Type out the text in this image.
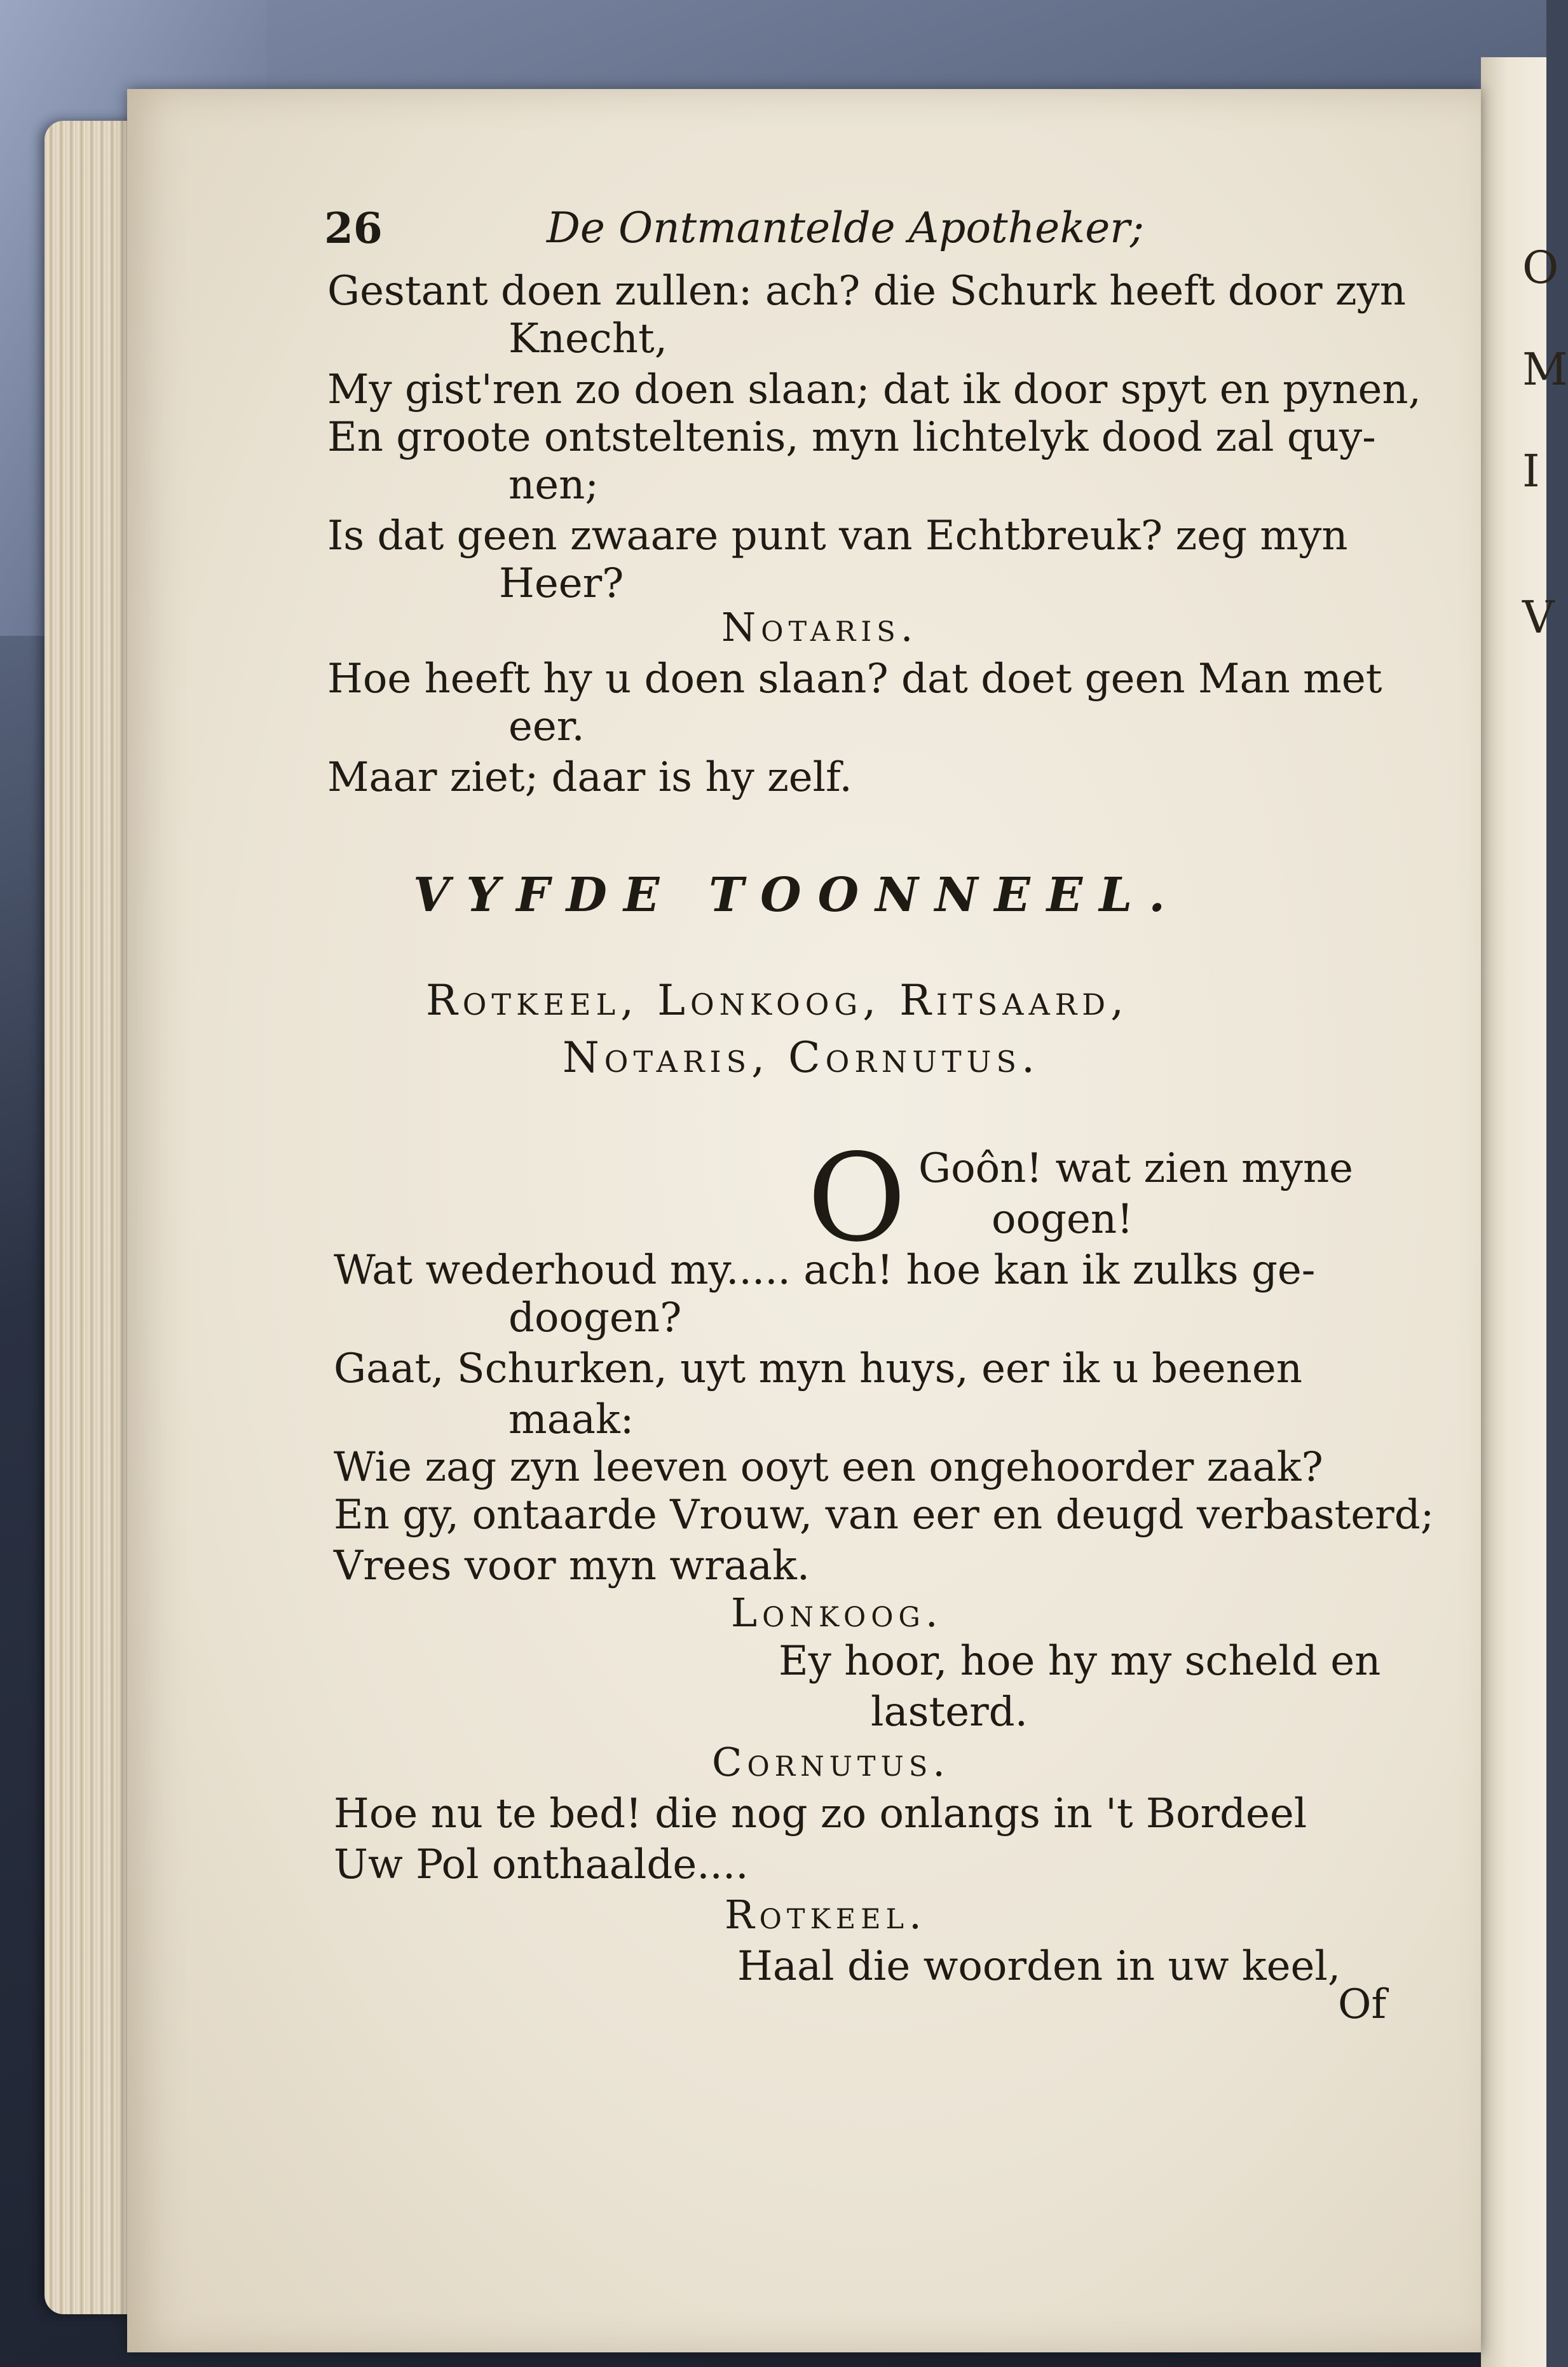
O
M
I
V
26	De Ontmantelde Apotheker;
Gestant doen zullen: ach? die Schurk heeft door zyn
Knecht,
My gist'ren zo doen slaan; dat ik door spyt en pynen,
En groote ontsteltenis, myn lichtelyk dood zal quy-
nen;
Is dat geen zwaare punt van Echtbreuk? zeg myn
Heer?
Notaris.
Hoe heeft hy u doen slaan? dat doet geen Man met
eer.
Maar ziet; daar is hy zelf.
VYFDE TOONNEEL.
Rotkeel, Lonkoog, Ritsaard,
Notaris, Cornutus.
O Goôn! wat zien myne
oogen!
Wat wederhoud my..... ach! hoe kan ik zulks ge-
doogen?
Gaat, Schurken, uyt myn huys, eer ik u beenen
maak:
Wie zag zyn leeven ooyt een ongehoorder zaak?
En gy, ontaarde Vrouw, van eer en deugd verbasterd;
Vrees voor myn wraak.
Lonkoog.
Ey hoor, hoe hy my scheld en
lasterd.
Cornutus.
Hoe nu te bed! die nog zo onlangs in 't Bordeel
Uw Pol onthaalde....
Rotkeel.
Haal die woorden in uw keel,
Of
